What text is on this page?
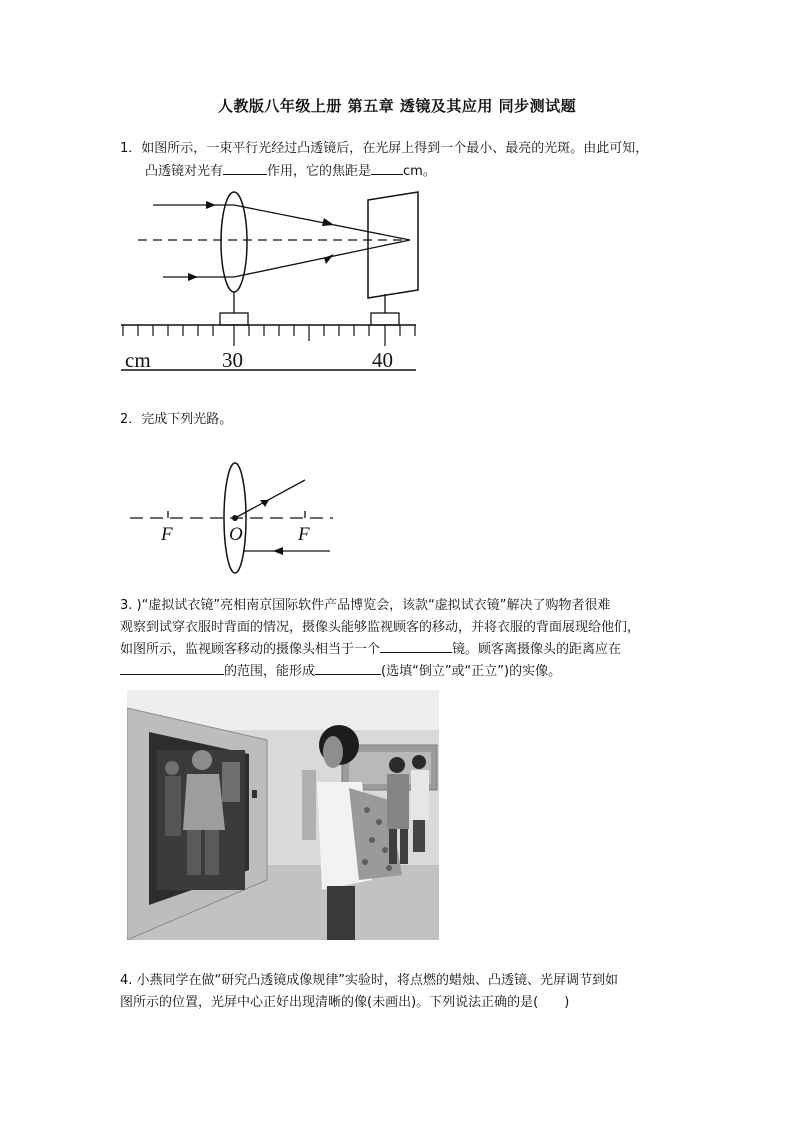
人教版八年级上册 第五章 透镜及其应用 同步测试题
1．如图所示，一束平行光经过凸透镜后，在光屏上得到一个最小、最亮的光斑。由此可知，
凸透镜对光有	作用，它的焦距是 cm。
cm	30	40
2．完成下列光路。
F	O	F
3. )“虚拟试衣镜”亮相南京国际软件产品博览会，该款“虚拟试衣镜”解决了购物者很难
观察到试穿衣服时背面的情况，摄像头能够监视顾客的移动，并将衣服的背面展现给他们，
如图所示，监视顾客移动的摄像头相当于一个	镜。顾客离摄像头的距离应在
的范围，能形成	(选填“倒立”或“正立”)的实像。
4. 小燕同学在做“研究凸透镜成像规律”实验时，将点燃的蜡烛、凸透镜、光屏调节到如
图所示的位置，光屏中心正好出现清晰的像(未画出)。下列说法正确的是(　　)
